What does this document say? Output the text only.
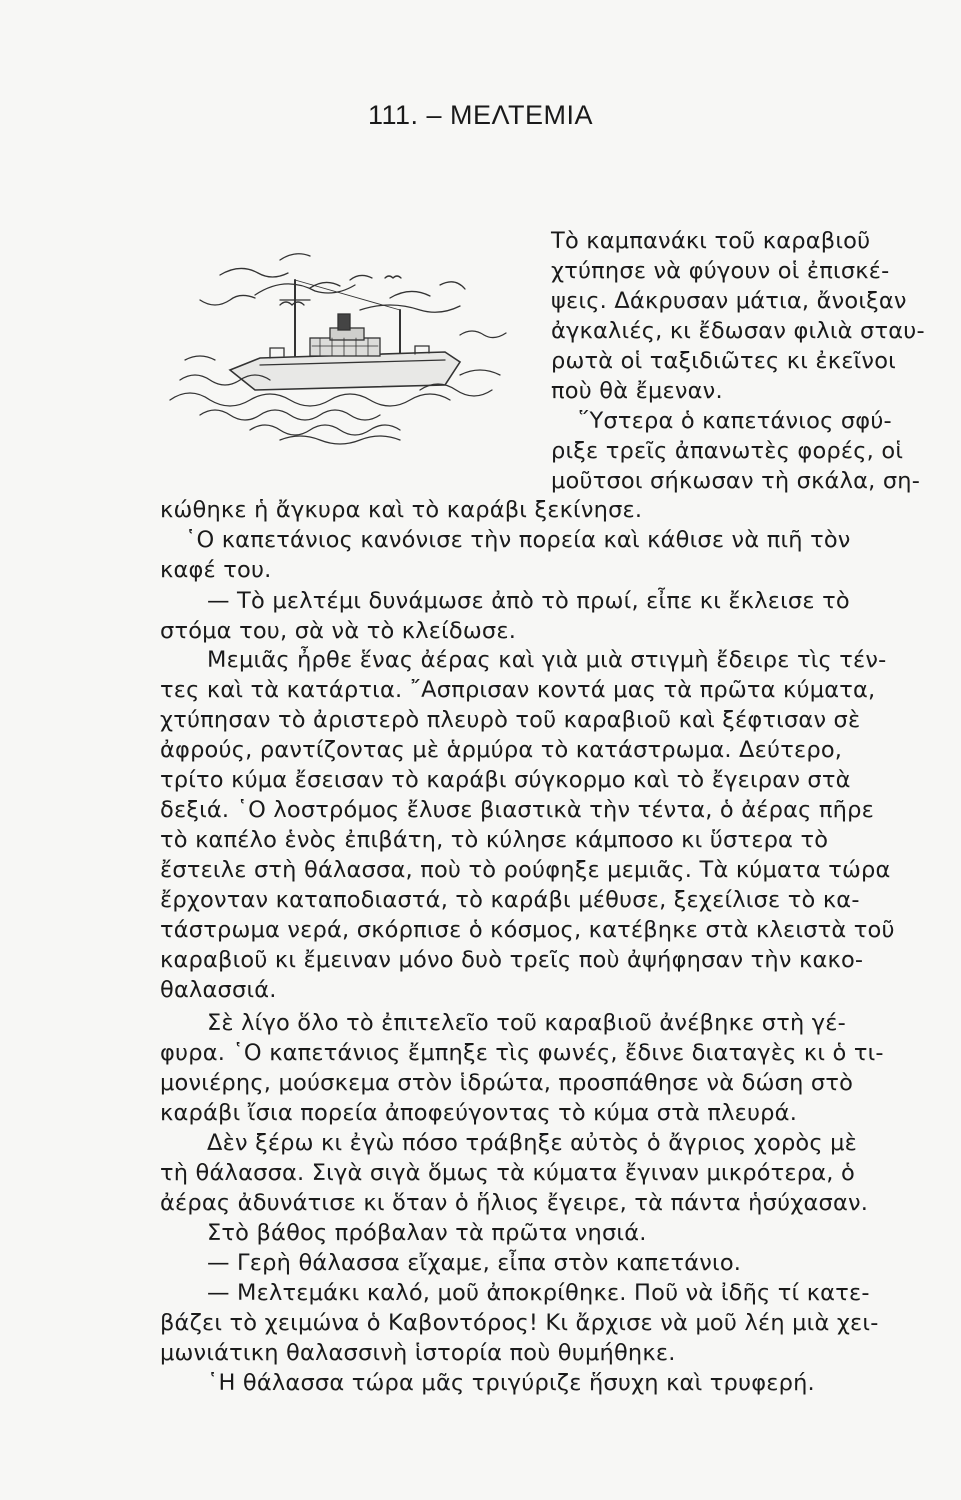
111. – ΜΕΛΤΕΜΙΑ
Τὸ καμπανάκι τοῦ καραβιοῦ
χτύπησε νὰ φύγουν οἱ ἐπισκέ-
ψεις. Δάκρυσαν μάτια, ἄνοιξαν
ἀγκαλιές, κι ἔδωσαν φιλιὰ σταυ-
ρωτὰ οἱ ταξιδιῶτες κι ἐκεῖνοι
ποὺ θὰ ἔμεναν.
῞Υστερα ὁ καπετάνιος σφύ-
ριξε τρεῖς ἀπανωτὲς φορές, οἱ
μοῦτσοι σήκωσαν τὴ σκάλα, ση-
κώθηκε ἡ ἄγκυρα καὶ τὸ καράβι ξεκίνησε.
῾Ο καπετάνιος κανόνισε τὴν πορεία καὶ κάθισε νὰ πιῆ τὸν
καφέ του.
— Τὸ μελτέμι δυνάμωσε ἀπὸ τὸ πρωί, εἶπε κι ἔκλεισε τὸ
στόμα του, σὰ νὰ τὸ κλείδωσε.
Μεμιᾶς ἦρθε ἕνας ἀέρας καὶ γιὰ μιὰ στιγμὴ ἔδειρε τὶς τέν-
τες καὶ τὰ κατάρτια. ῎Ασπρισαν κοντά μας τὰ πρῶτα κύματα,
χτύπησαν τὸ ἀριστερὸ πλευρὸ τοῦ καραβιοῦ καὶ ξέφτισαν σὲ
ἀφρούς, ραντίζοντας μὲ ἁρμύρα τὸ κατάστρωμα. Δεύτερο,
τρίτο κύμα ἔσεισαν τὸ καράβι σύγκορμο καὶ τὸ ἔγειραν στὰ
δεξιά. ῾Ο λοστρόμος ἔλυσε βιαστικὰ τὴν τέντα, ὁ ἀέρας πῆρε
τὸ καπέλο ἑνὸς ἐπιβάτη, τὸ κύλησε κάμποσο κι ὕστερα τὸ
ἔστειλε στὴ θάλασσα, ποὺ τὸ ρούφηξε μεμιᾶς. Τὰ κύματα τώρα
ἔρχονταν καταποδιαστά, τὸ καράβι μέθυσε, ξεχείλισε τὸ κα-
τάστρωμα νερά, σκόρπισε ὁ κόσμος, κατέβηκε στὰ κλειστὰ τοῦ
καραβιοῦ κι ἔμειναν μόνο δυὸ τρεῖς ποὺ ἀψήφησαν τὴν κακο-
θαλασσιά.
Σὲ λίγο ὅλο τὸ ἐπιτελεῖο τοῦ καραβιοῦ ἀνέβηκε στὴ γέ-
φυρα. ῾Ο καπετάνιος ἔμπηξε τὶς φωνές, ἔδινε διαταγὲς κι ὁ τι-
μονιέρης, μούσκεμα στὸν ἱδρώτα, προσπάθησε νὰ δώση στὸ
καράβι ἴσια πορεία ἀποφεύγοντας τὸ κύμα στὰ πλευρά.
Δὲν ξέρω κι ἐγὼ πόσο τράβηξε αὐτὸς ὁ ἄγριος χορὸς μὲ
τὴ θάλασσα. Σιγὰ σιγὰ ὅμως τὰ κύματα ἔγιναν μικρότερα, ὁ
ἀέρας ἀδυνάτισε κι ὅταν ὁ ἥλιος ἔγειρε, τὰ πάντα ἡσύχασαν.
Στὸ βάθος πρόβαλαν τὰ πρῶτα νησιά.
— Γερὴ θάλασσα εἴχαμε, εἶπα στὸν καπετάνιο.
— Μελτεμάκι καλό, μοῦ ἀποκρίθηκε. Ποῦ νὰ ἰδῆς τί κατε-
βάζει τὸ χειμώνα ὁ Καβοντόρος! Κι ἄρχισε νὰ μοῦ λέη μιὰ χει-
μωνιάτικη θαλασσινὴ ἱστορία ποὺ θυμήθηκε.
῾Η θάλασσα τώρα μᾶς τριγύριζε ἥσυχη καὶ τρυφερή.
